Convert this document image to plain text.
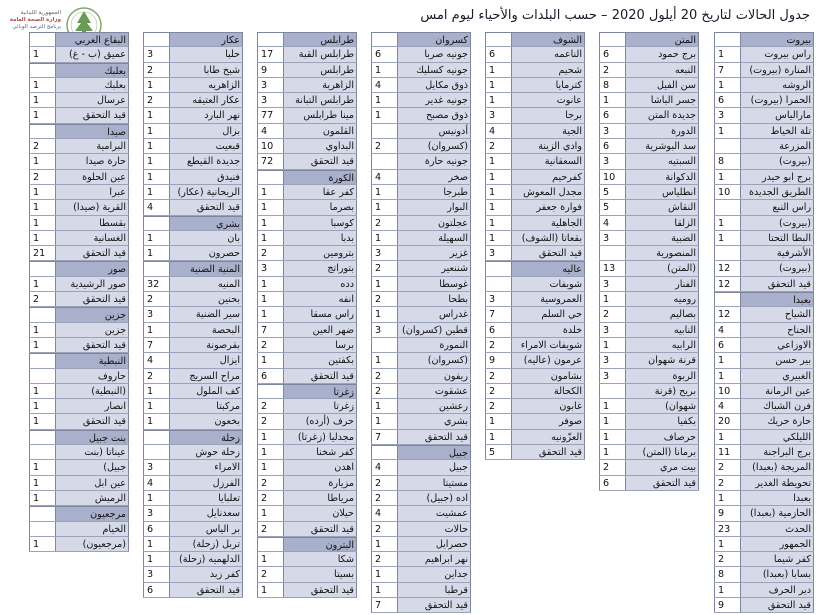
الجمهورية اللبنانية
وزارة الصحة العامة
برنامج الترصد الوبائي
جدول الحالات لتاريخ 20 أيلول 2020 – حسب البلدات والأحياء ليوم امس
بيروت
راس بيروت
1
المنارة (بيروت)
7
الروشه
1
الحمرا (بيروت)
6
مارالياس
3
تلة الخياط
1
المزرعة
(بيروت)
8
برج ابو حيدر
1
الطريق الجديدة
10
راس النبع
(بيروت)
1
البطا التحتا
1
الأشرفية
(بيروت)
12
قيد التحقق
12
بعبدا
الشياح
12
الجناح
4
الاوزاعي
6
بير حسن
1
الغبيري
1
عين الرمانة
10
فرن الشباك
4
حارة حريك
20
الليلكي
1
برج البراجنة
11
المريجة (بعبدا)
2
تحويطة الغدير
2
بعبدا
1
الحازمية (بعبدا)
9
الحدث
23
الجمهور
1
كفر شيما
2
بسابا (بعبدا)
8
دير الحرف
1
قيد التحقق
9
المتن
برج حمود
6
النبعه
2
سن الفيل
8
جسر الباشا
1
جديدة المتن
6
الدورة
3
سد البوشرية
6
السبتيه
3
الدكوانة
10
انطلياس
5
النقاش
5
الزلقا
4
الضبية
3
المنصورية
(المتن)
13
الفنار
3
روميه
1
بصاليم
2
النابيه
3
الرابيه
1
قرنة شهوان
3
الربوة
3
بريح (قرنة
شهوان)
1
بكفيا
1
حرصاف
1
برمانا (المتن)
1
بيت مري
2
قيد التحقق
6
الشوف
الناعمه
6
شحيم
1
كترمايا
1
عانوت
1
برجا
3
الجية
4
وادي الزينة
2
السعقانية
1
كفرحيم
1
مجدل المعوش
1
فوارة جعفر
1
الجاهلية
1
بقعاتا (الشوف)
1
قيد التحقق
3
عاليه
شويفات
العمروسية
3
حي السلم
7
خلدة
6
شويفات الامراء
2
عرمون (عاليه)
9
بشامون
2
الكحالة
2
غابون
2
صوفر
1
العزّونيه
1
قيد التحقق
5
كسروان
جونيه صربا
6
جونيه كسليك
1
ذوق مكايل
4
جونيه غدير
1
ذوق مصبح
1
أدونيس
(كسروان)
2
جونيه حارة
صخر
4
طبرجا
1
البوار
1
عجلتون
2
السهيلة
1
غزير
3
شننعير
2
غوسطا
1
بطحا
2
غدراس
1
قطين (كسروان)
3
النمورة
(كسروان)
1
ريفون
2
عشقوت
2
رعشين
1
بشري
1
قيد التحقق
7
جبيل
جبيل
4
مستيتا
2
اده (جبيل)
2
عمشيت
4
حالات
2
حصرايل
1
نهر ابراهيم
2
جداين
1
قرطبا
1
قيد التحقق
7
طرابلس
طرابلس القبة
17
طرابلس
9
الزاهرية
3
طرابلس التبانة
3
مينا طرابلس
77
القلمون
4
البداوي
10
قيد التحقق
72
الكورة
كفر عقا
1
بصرما
1
كوسبا
1
بدبا
1
بترومين
2
بتوراتج
3
دده
1
انفه
1
راس مسقا
1
ضهر العين
7
برسا
2
بكفتين
1
قيد التحقق
6
زغرتا
زغرتا
2
حرف (أرده)
2
مجدليا (زغرتا)
1
كفر شخنا
1
اهدن
1
مزيارة
2
مرياطا
2
حيلان
1
قيد التحقق
2
البترون
شكا
1
بسيتا
2
قيد التحقق
1
عكار
حلبا
3
شيخ طابا
2
الزاهريه
1
عكار العتيقه
2
نهر البارد
1
بزال
1
قبعيت
1
جديدة القيطع
1
فنيدق
1
الريحانية (عكار)
1
قيد التحقق
4
بشري
بان
1
حصرون
1
المنية الضنية
المنيه
32
بحنين
2
سير الضنية
3
البحصة
1
بقرصونة
7
ايزال
4
مراح السريج
2
كف الملول
1
مركبتا
1
بخعون
1
زحلة
زحلة حوش
الامراء
3
الفرزل
4
تعلبايا
1
سعدنايل
3
بر الياس
6
تربل (زحلة)
1
الدلهميه (زحلة)
1
كفر زبد
3
قيد التحقق
6
البقاع الغربي
عميق (ب - غ)
1
بعلبك
بعلبك
1
عرسال
1
قيد التحقق
1
صيدا
البرامية
2
حارة صيدا
1
عين الحلوة
2
عبرا
1
القرية (صيدا)
1
بقسطا
1
الغسانية
1
قيد التحقق
21
صور
صور الرشيدية
1
قيد التحقق
2
جزين
جزين
1
قيد التحقق
1
النبطية
حاروف
(النبطية)
1
انصار
1
قيد التحقق
1
بنت جبيل
عيناتا (بنت
جبيل)
1
عين ابل
1
الرميش
1
مرجعيون
الخيام
(مرجعيون)
1
